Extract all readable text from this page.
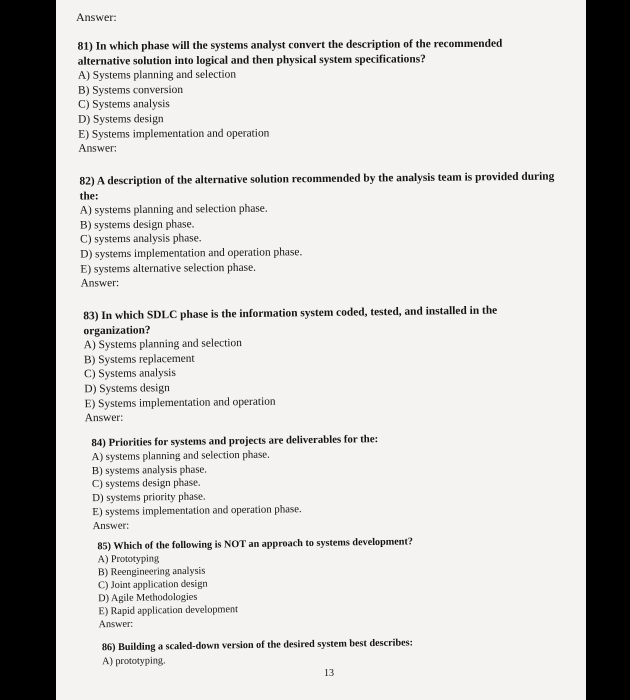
Answer:
81) In which phase will the systems analyst convert the description of the recommended alternative solution into logical and then physical system specifications?
A) Systems planning and selection
B) Systems conversion
C) Systems analysis
D) Systems design
E) Systems implementation and operation
Answer:
82) A description of the alternative solution recommended by the analysis team is provided during the:
A) systems planning and selection phase.
B) systems design phase.
C) systems analysis phase.
D) systems implementation and operation phase.
E) systems alternative selection phase.
Answer:
83) In which SDLC phase is the information system coded, tested, and installed in the organization?
A) Systems planning and selection
B) Systems replacement
C) Systems analysis
D) Systems design
E) Systems implementation and operation
Answer:
84) Priorities for systems and projects are deliverables for the:
A) systems planning and selection phase.
B) systems analysis phase.
C) systems design phase.
D) systems priority phase.
E) systems implementation and operation phase.
Answer:
85) Which of the following is NOT an approach to systems development?
A) Prototyping
B) Reengineering analysis
C) Joint application design
D) Agile Methodologies
E) Rapid application development
Answer:
86) Building a scaled-down version of the desired system best describes:
A) prototyping.
13
